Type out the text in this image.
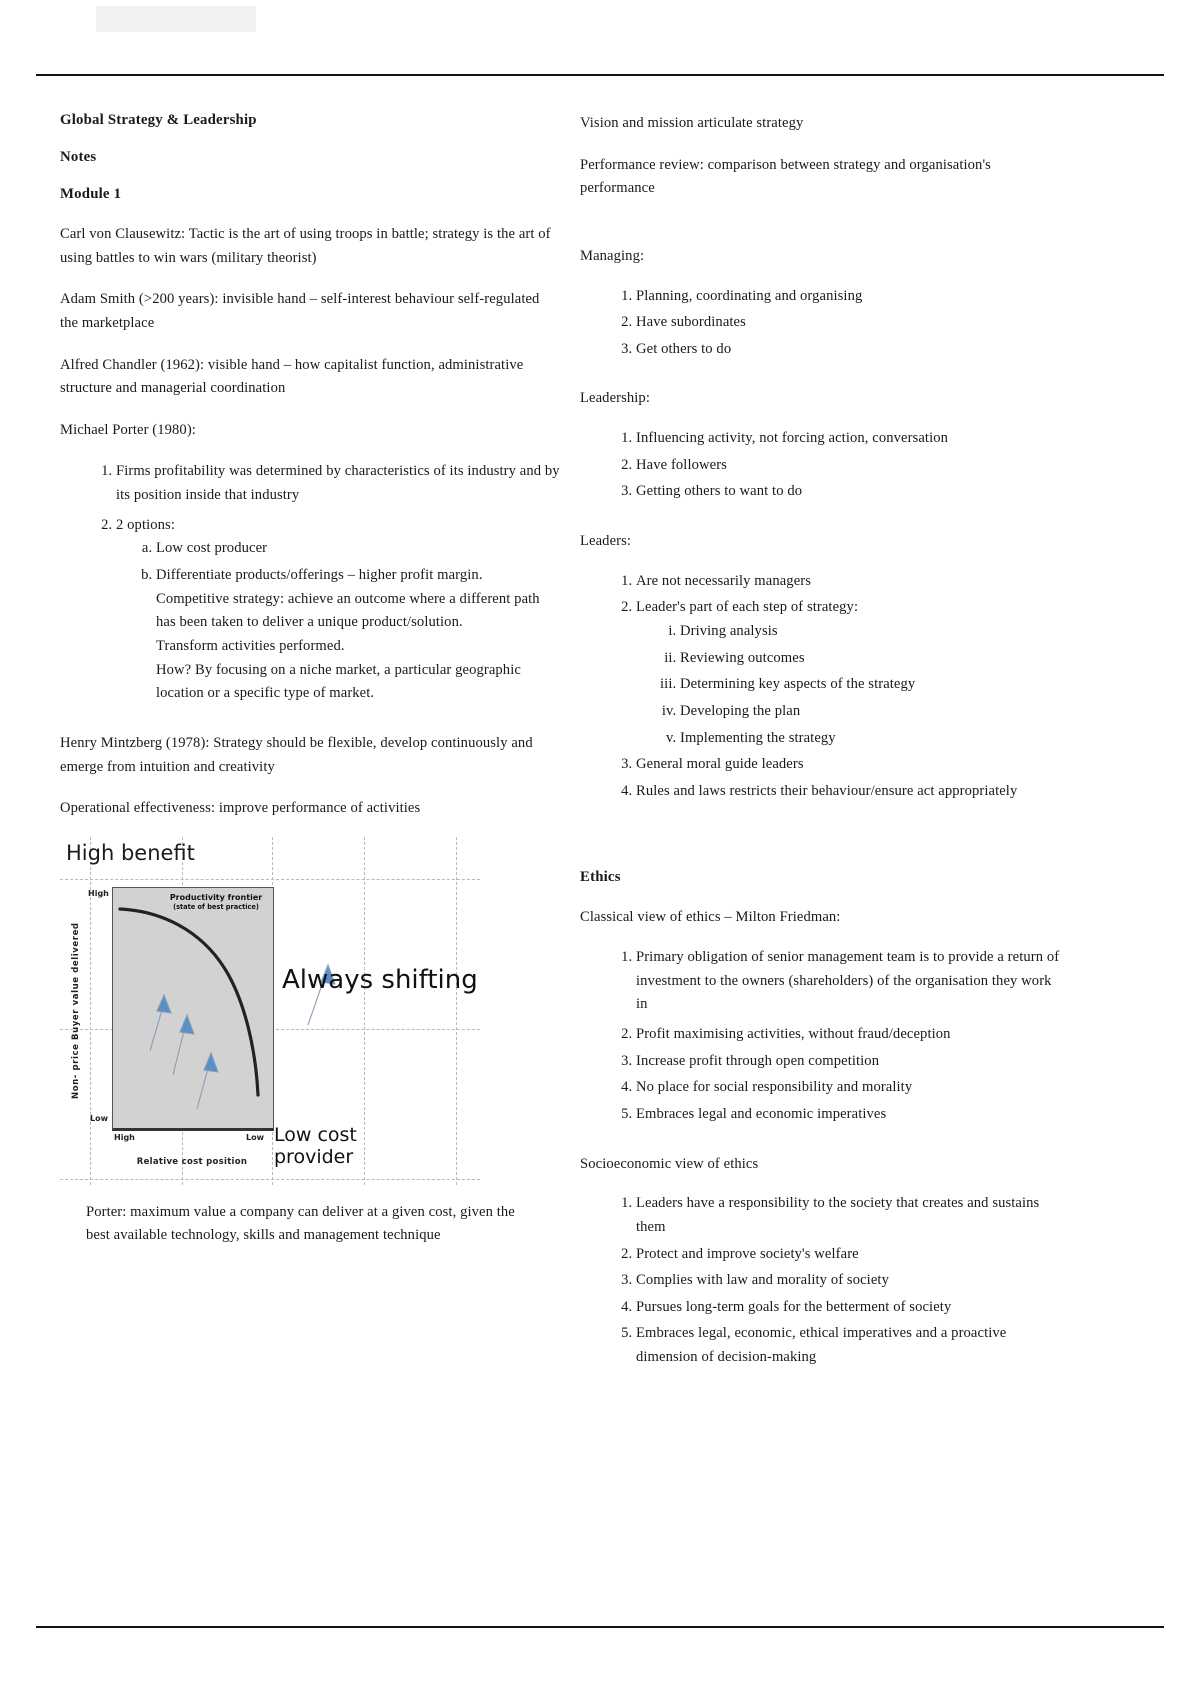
Global Strategy & Leadership
Notes
Module 1

Carl von Clausewitz: Tactic is the art of using troops in battle; strategy is the art of using battles to win wars (military theorist)

Adam Smith (>200 years): invisible hand – self-interest behaviour self-regulated the marketplace

Alfred Chandler (1962): visible hand – how capitalist function, administrative structure and managerial coordination

Michael Porter (1980):

1. Firms profitability was determined by characteristics of its industry and by its position inside that industry
2. 2 options:
a. Low cost producer
b. Differentiate products/offerings – higher profit margin.
Competitive strategy: achieve an outcome where a different path has been taken to deliver a unique product/solution.
Transform activities performed.
How? By focusing on a niche market, a particular geographic location or a specific type of market.

Henry Mintzberg (1978): Strategy should be flexible, develop continuously and emerge from intuition and creativity

Operational effectiveness: improve performance of activities

High benefit
Non- price Buyer value delivered
High
Low
High	Low
Relative cost position
Productivity frontier
(state of best practice)
Always shifting
Low cost provider

Porter: maximum value a company can deliver at a given cost, given the best available technology, skills and management technique

Vision and mission articulate strategy

Performance review: comparison between strategy and organisation's performance

Managing:

1. Planning, coordinating and organising
2. Have subordinates
3. Get others to do

Leadership:

1. Influencing activity, not forcing action, conversation
2. Have followers
3. Getting others to want to do

Leaders:

1. Are not necessarily managers
2. Leader's part of each step of strategy:
i. Driving analysis
ii. Reviewing outcomes
iii. Determining key aspects of the strategy
iv. Developing the plan
v. Implementing the strategy
3. General moral guide leaders
4. Rules and laws restricts their behaviour/ensure act appropriately
Ethics

Classical view of ethics – Milton Friedman:

1. Primary obligation of senior management team is to provide a return of investment to the owners (shareholders) of the organisation they work in
2. Profit maximising activities, without fraud/deception
3. Increase profit through open competition
4. No place for social responsibility and morality
5. Embraces legal and economic imperatives

Socioeconomic view of ethics

1. Leaders have a responsibility to the society that creates and sustains them
2. Protect and improve society's welfare
3. Complies with law and morality of society
4. Pursues long-term goals for the betterment of society
5. Embraces legal, economic, ethical imperatives and a proactive dimension of decision-making
